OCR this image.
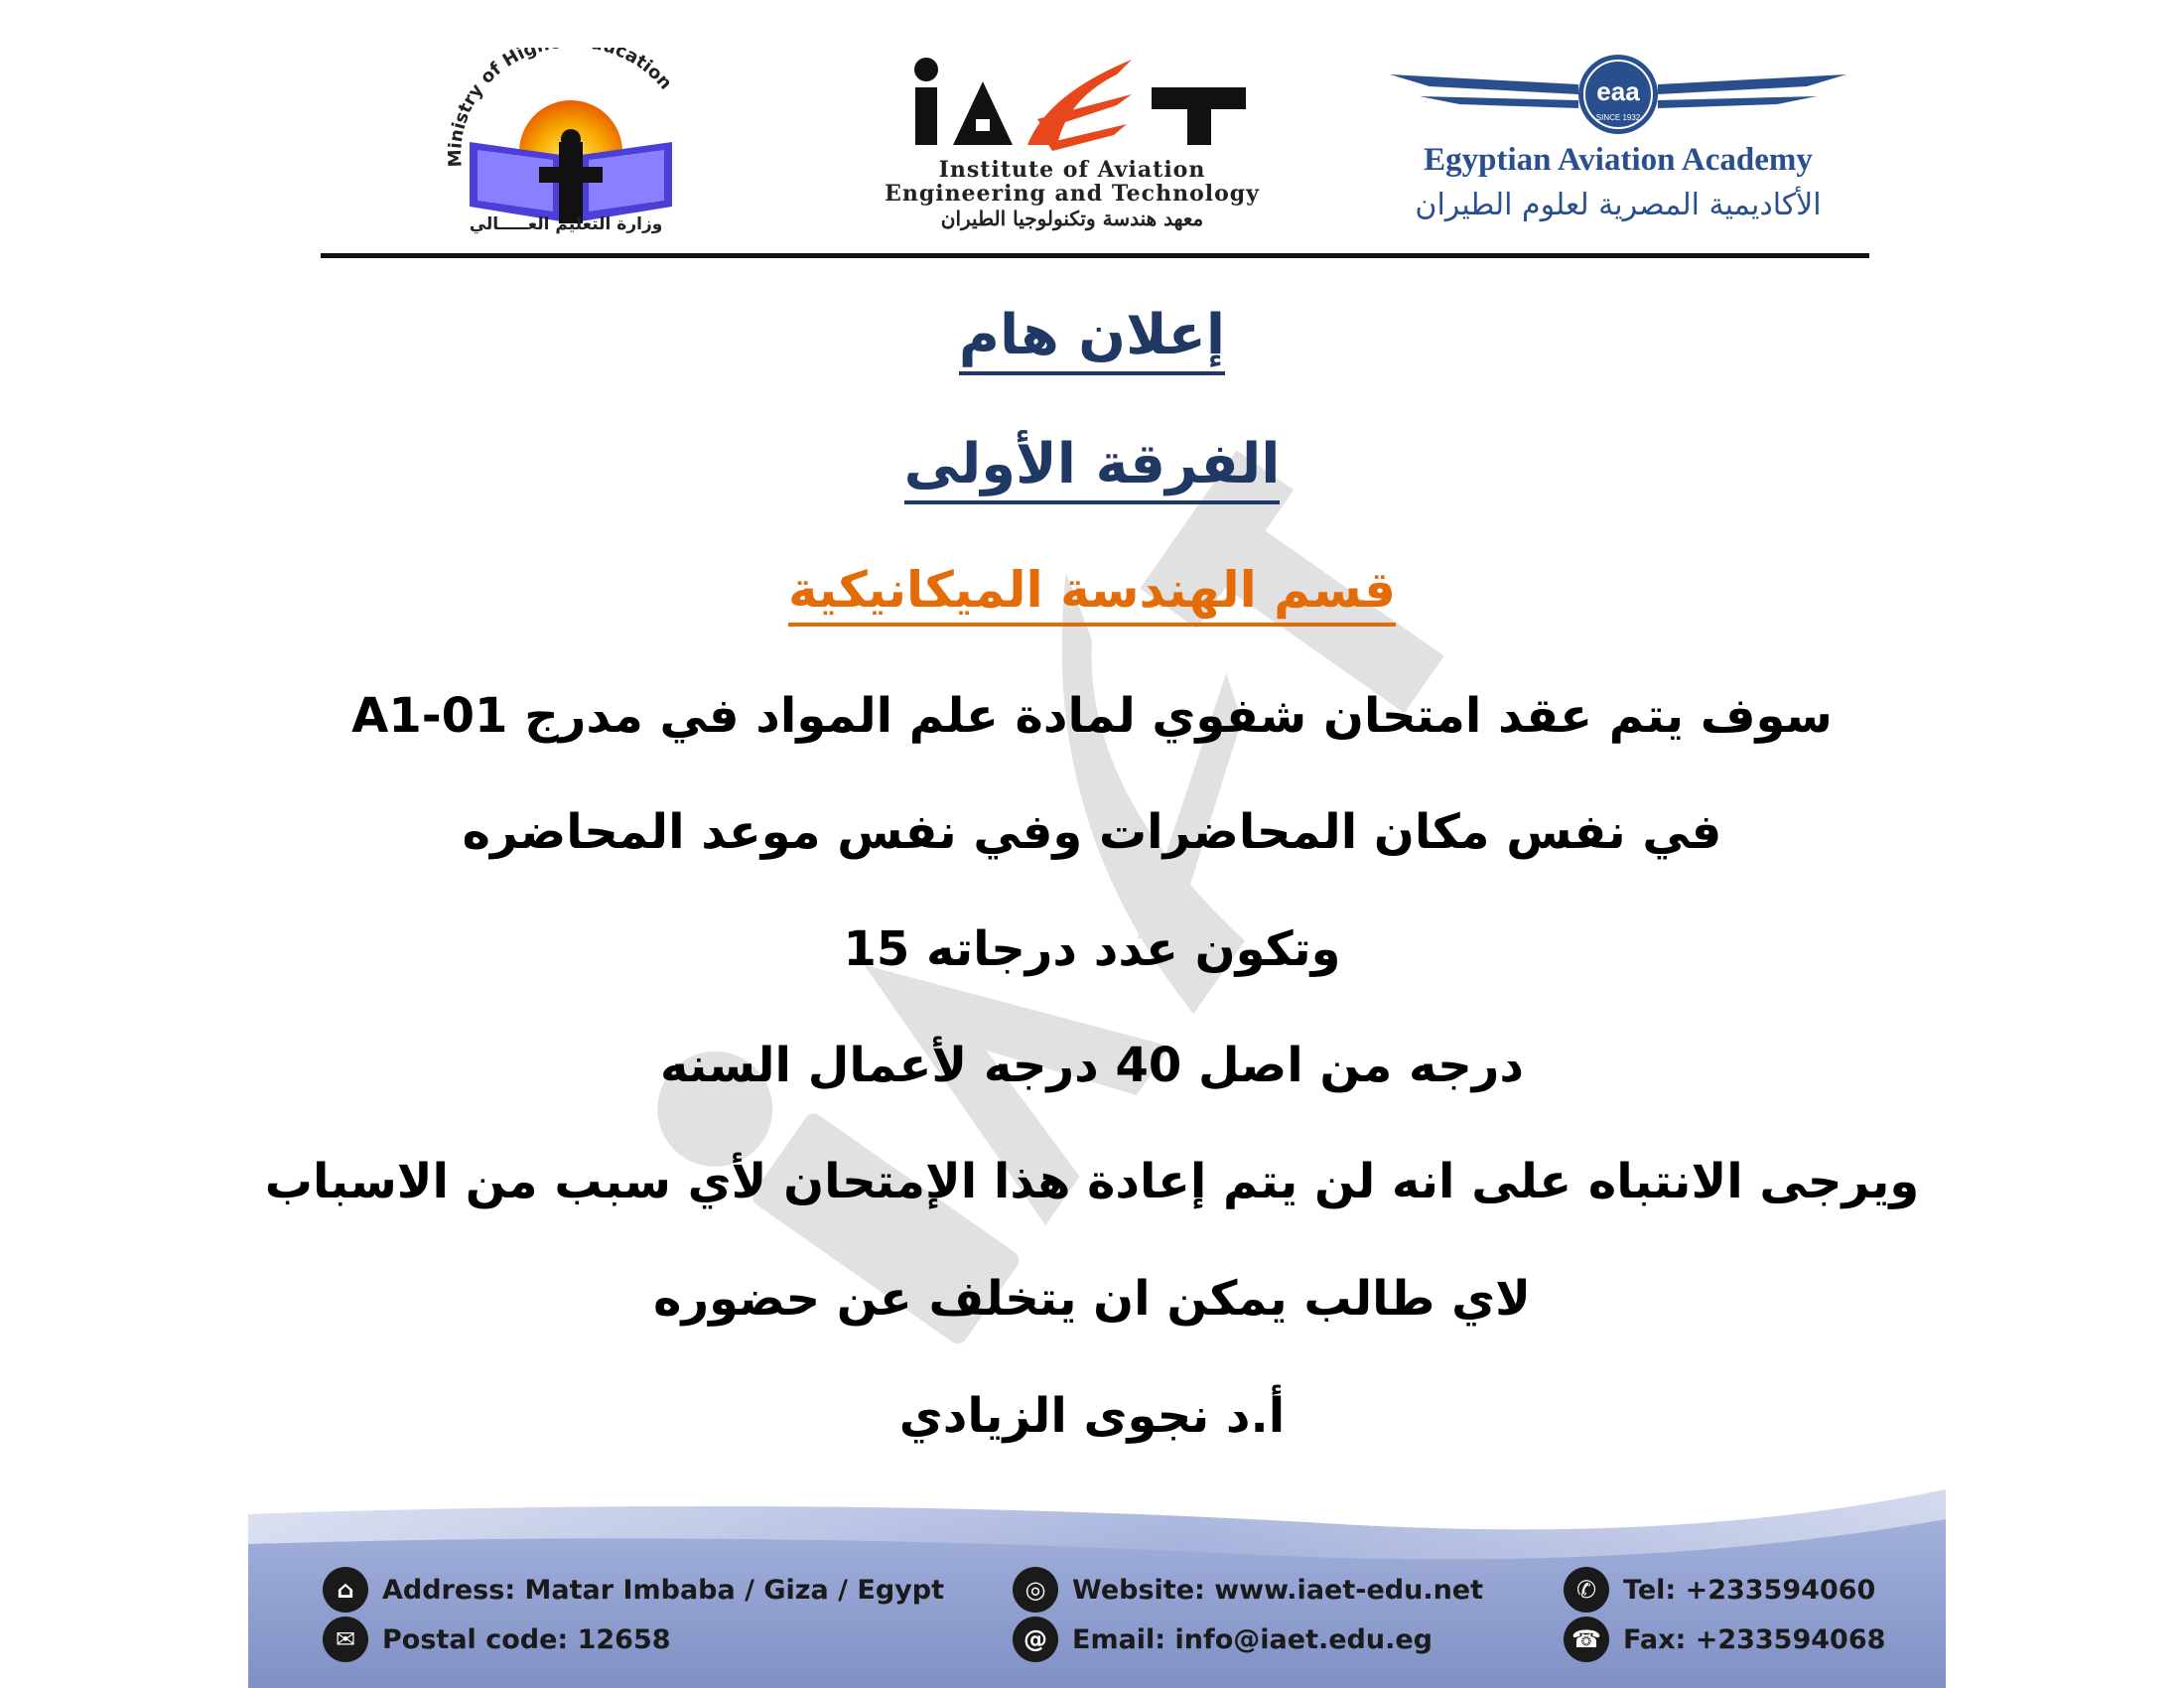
Ministry of Hig cation
وزارة التعليم العـــــالي
Institute of Aviation
Engineering and Technology
معهد هندسة وتكنولوجيا الطيران
eaa
SINCE 1932
Egyptian Aviation Academy
الأكاديمية المصرية لعلوم الطيران
إعلان هام
الفرقة الأولى
قسم الهندسة الميكانيكية
سوف يتم عقد امتحان شفوي لمادة علم المواد في مدرج A1-01
في نفس مكان المحاضرات وفي نفس موعد المحاضره
وتكون عدد درجاته 15
درجه من اصل 40 درجه لأعمال السنه
ويرجى الانتباه على انه لن يتم إعادة هذا الإمتحان لأي سبب من الاسباب
لاي طالب يمكن ان يتخلف عن حضوره
أ.د نجوى الزيادي
⌂	Address: Matar Imbaba / Giza / Egypt
✉ Postal code: 12658
◎ Website: www.iaet-edu.net
@ Email: info@iaet.edu.eg
✆ Tel: +233594060
☎ Fax: +233594068
